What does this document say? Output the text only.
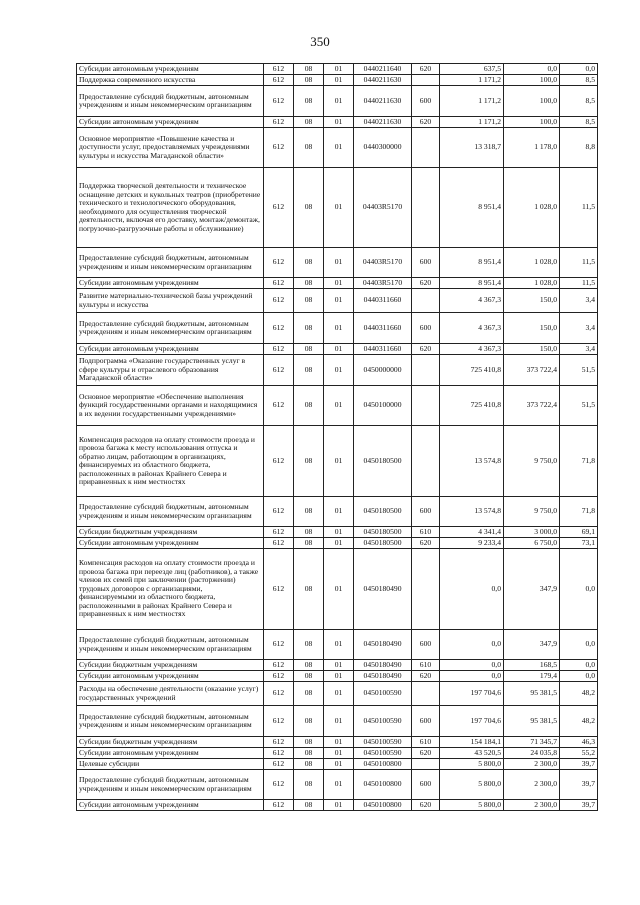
350
Субсидии автономным учреждениям	612	08	01	0440211640	620	637,5	0,0	0,0
Поддержка современного искусства	612	08	01	0440211630		1 171,2	100,0	8,5
Предоставление субсидий бюджетным, автономным учреждениям и иным некоммерческим организациям	612	08	01	0440211630	600	1 171,2	100,0	8,5
Субсидии автономным учреждениям	612	08	01	0440211630	620	1 171,2	100,0	8,5
Основное мероприятие «Повышение качества и доступности услуг, предоставляемых учреждениями культуры и искусства Магаданской области»	612	08	01	0440300000		13 318,7	1 178,0	8,8
Поддержка творческой деятельности и техническое оснащение детских и кукольных театров (приобретение технического и технологического оборудования, необходимого для осуществления творческой деятельности, включая его доставку, монтаж/демонтаж, погрузочно-разгрузочные работы и обслуживание)	612	08	01	04403R5170		8 951,4	1 028,0	11,5
Предоставление субсидий бюджетным, автономным учреждениям и иным некоммерческим организациям	612	08	01	04403R5170	600	8 951,4	1 028,0	11,5
Субсидии автономным учреждениям	612	08	01	04403R5170	620	8 951,4	1 028,0	11,5
Развитие материально-технической базы учреждений культуры и искусства	612	08	01	0440311660		4 367,3	150,0	3,4
Предоставление субсидий бюджетным, автономным учреждениям и иным некоммерческим организациям	612	08	01	0440311660	600	4 367,3	150,0	3,4
Субсидии автономным учреждениям	612	08	01	0440311660	620	4 367,3	150,0	3,4
Подпрограмма «Оказание государственных услуг в сфере культуры и отраслевого образования Магаданской области»	612	08	01	0450000000		725 410,8	373 722,4	51,5
Основное мероприятие «Обеспечение выполнения функций государственными органами и находящимися в их ведении государственными учреждениями»	612	08	01	0450100000		725 410,8	373 722,4	51,5
Компенсация расходов на оплату стоимости проезда и провоза багажа к месту использования отпуска и обратно лицам, работающим в организациях, финансируемых из областного бюджета, расположенных в районах Крайнего Севера и приравненных к ним местностях	612	08	01	0450180500		13 574,8	9 750,0	71,8
Предоставление субсидий бюджетным, автономным учреждениям и иным некоммерческим организациям	612	08	01	0450180500	600	13 574,8	9 750,0	71,8
Субсидии бюджетным учреждениям	612	08	01	0450180500	610	4 341,4	3 000,0	69,1
Субсидии автономным учреждениям	612	08	01	0450180500	620	9 233,4	6 750,0	73,1
Компенсация расходов на оплату стоимости проезда и провоза багажа при переезде лиц (работников), а также членов их семей при заключении (расторжении) трудовых договоров с организациями, финансируемыми из областного бюджета, расположенными в районах Крайнего Севера и приравненных к ним местностях	612	08	01	0450180490		0,0	347,9	0,0
Предоставление субсидий бюджетным, автономным учреждениям и иным некоммерческим организациям	612	08	01	0450180490	600	0,0	347,9	0,0
Субсидии бюджетным учреждениям	612	08	01	0450180490	610	0,0	168,5	0,0
Субсидии автономным учреждениям	612	08	01	0450180490	620	0,0	179,4	0,0
Расходы на обеспечение деятельности (оказание услуг) государственных учреждений	612	08	01	0450100590		197 704,6	95 381,5	48,2
Предоставление субсидий бюджетным, автономным учреждениям и иным некоммерческим организациям	612	08	01	0450100590	600	197 704,6	95 381,5	48,2
Субсидии бюджетным учреждениям	612	08	01	0450100590	610	154 184,1	71 345,7	46,3
Субсидии автономным учреждениям	612	08	01	0450100590	620	43 520,5	24 035,8	55,2
Целевые субсидии	612	08	01	0450100800		5 800,0	2 300,0	39,7
Предоставление субсидий бюджетным, автономным учреждениям и иным некоммерческим организациям	612	08	01	0450100800	600	5 800,0	2 300,0	39,7
Субсидии автономным учреждениям	612	08	01	0450100800	620	5 800,0	2 300,0	39,7
